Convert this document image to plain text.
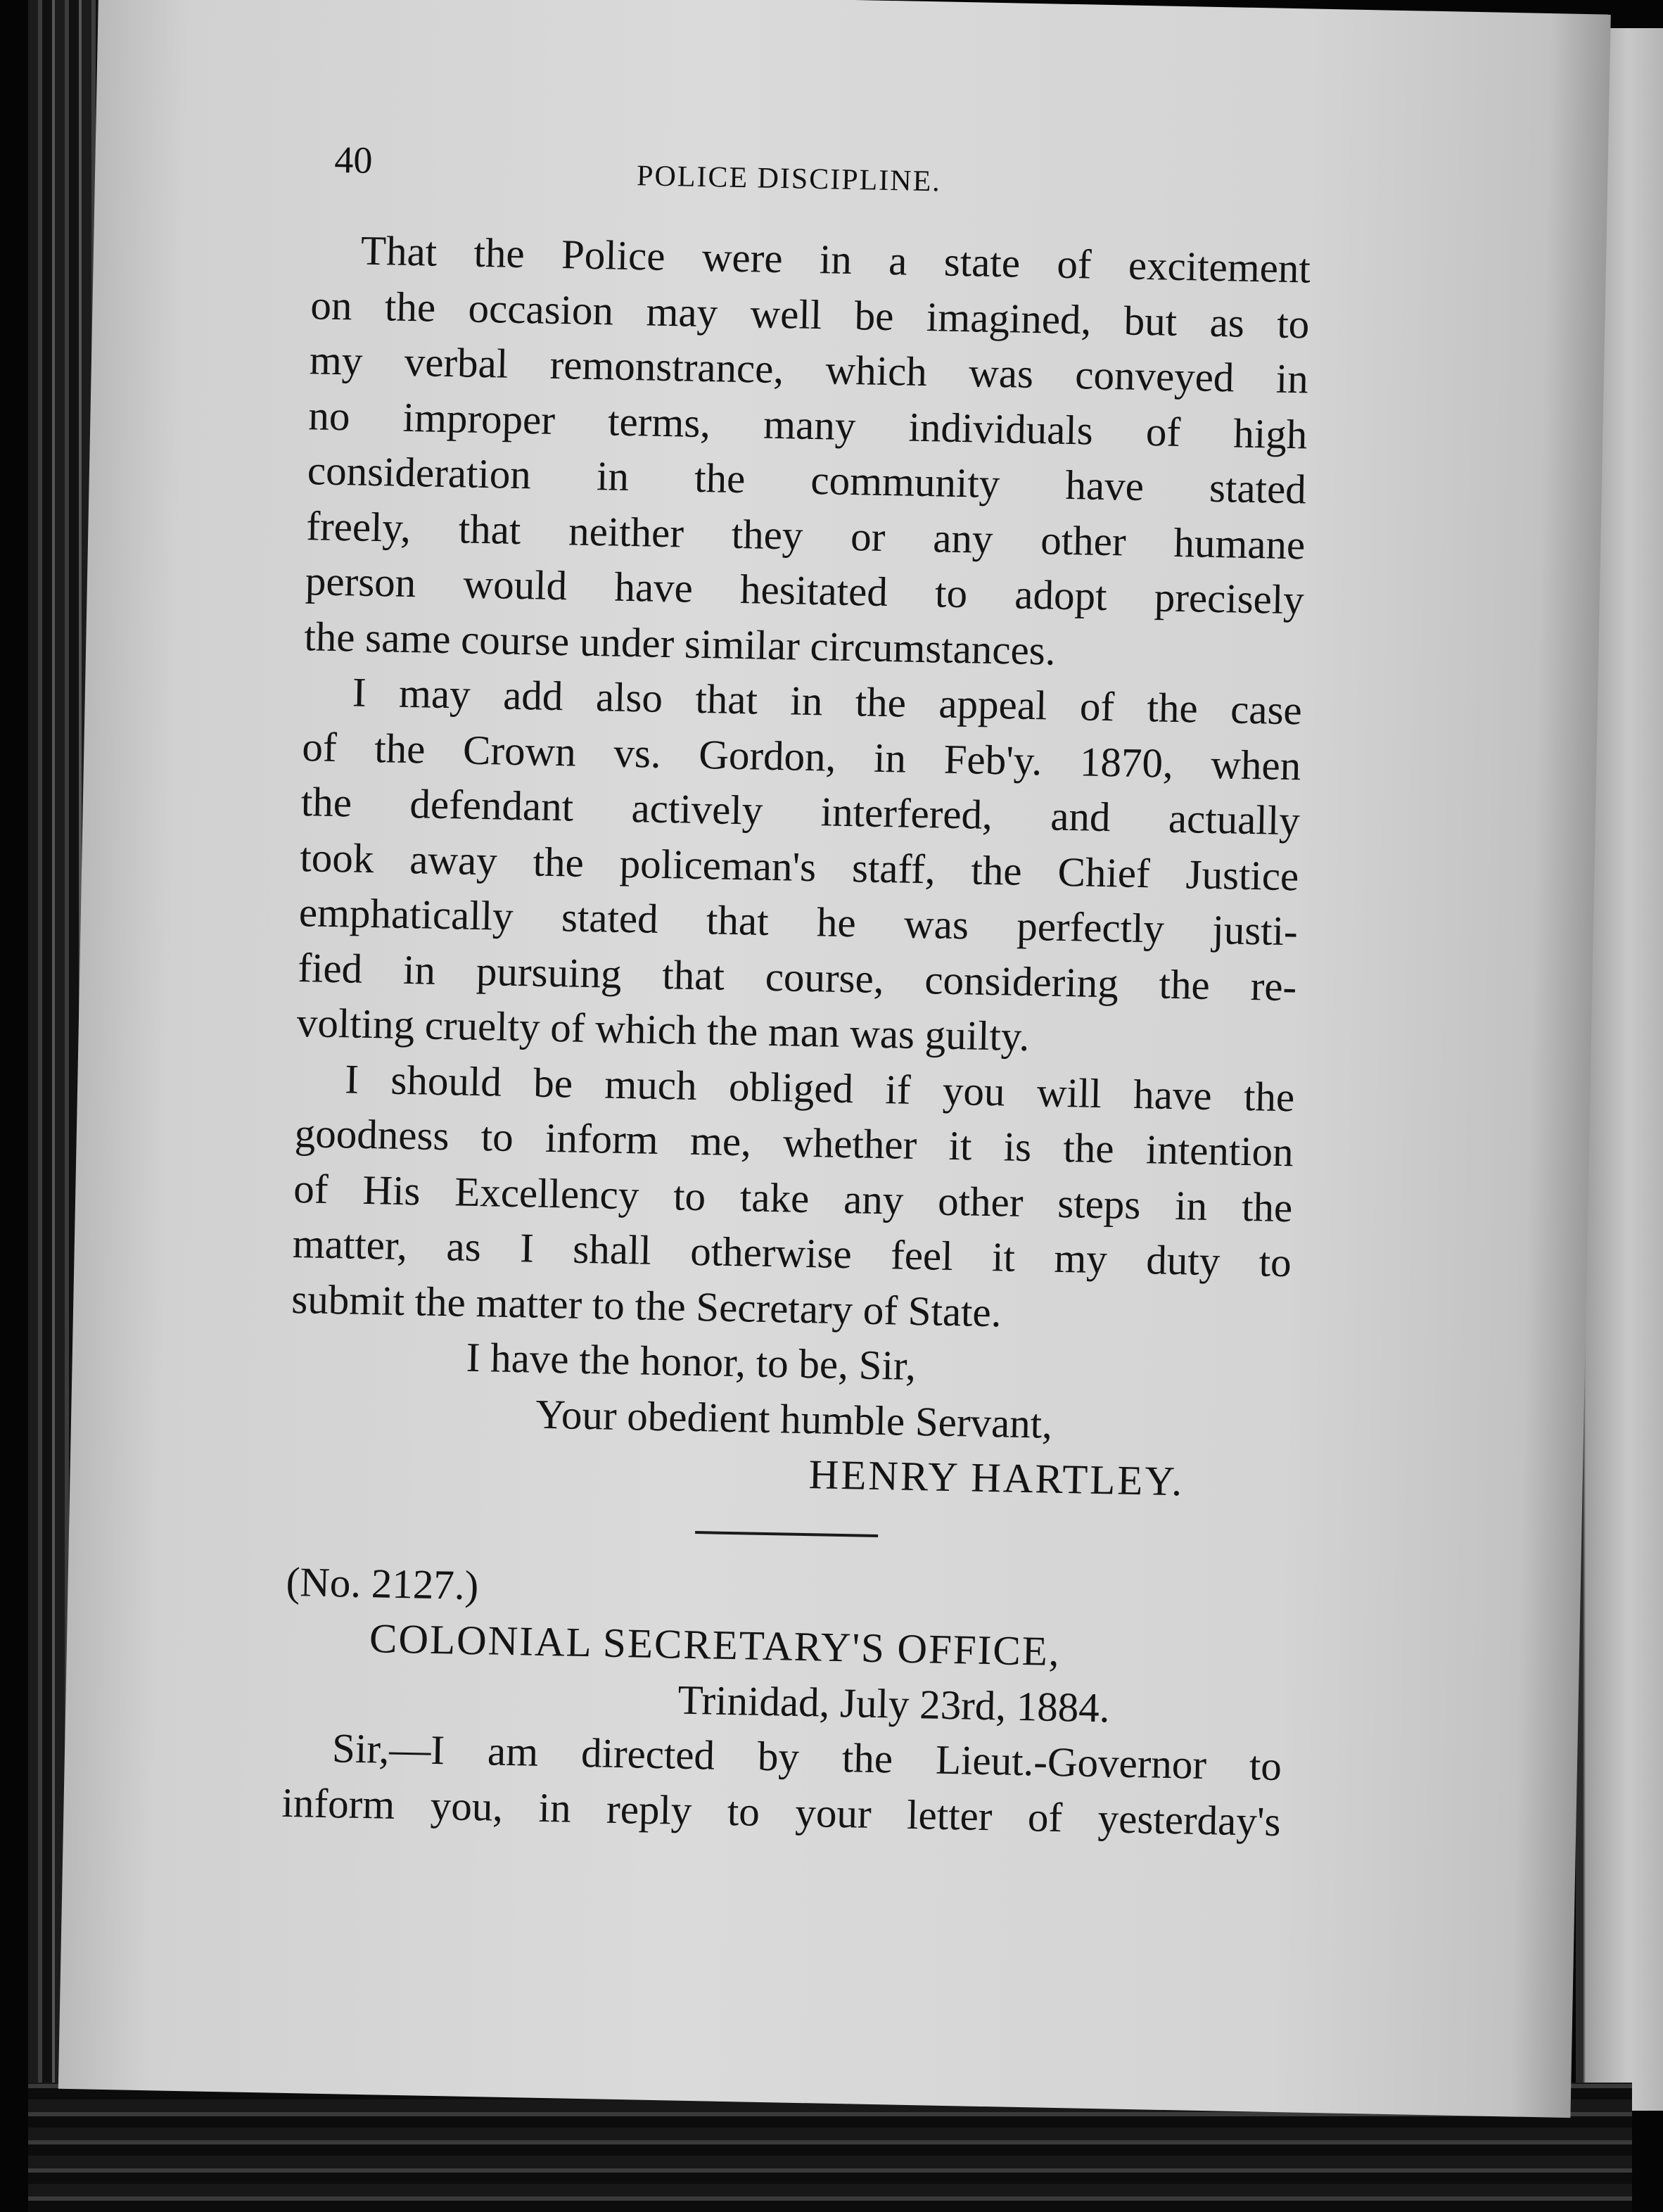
40	POLICE DISCIPLINE.
That the Police were in a state of excitement
on the occasion may well be imagined, but as to
my verbal remonstrance, which was conveyed in
no improper terms, many individuals of high
consideration in the community have stated
freely, that neither they or any other humane
person would have hesitated to adopt precisely
the same course under similar circumstances.
I may add also that in the appeal of the case
of the Crown vs. Gordon, in Feb'y. 1870, when
the defendant actively interfered, and actually
took away the policeman's staff, the Chief Justice
emphatically stated that he was perfectly justi-
fied in pursuing that course, considering the re-
volting cruelty of which the man was guilty.
I should be much obliged if you will have the
goodness to inform me, whether it is the intention
of His Excellency to take any other steps in the
matter, as I shall otherwise feel it my duty to
submit the matter to the Secretary of State.
I have the honor, to be, Sir,
Your obedient humble Servant,
HENRY HARTLEY.
(No. 2127.)
COLONIAL SECRETARY'S OFFICE,
Trinidad, July 23rd, 1884.
Sir,—I am directed by the Lieut.-Governor to
inform you, in reply to your letter of yesterday's
